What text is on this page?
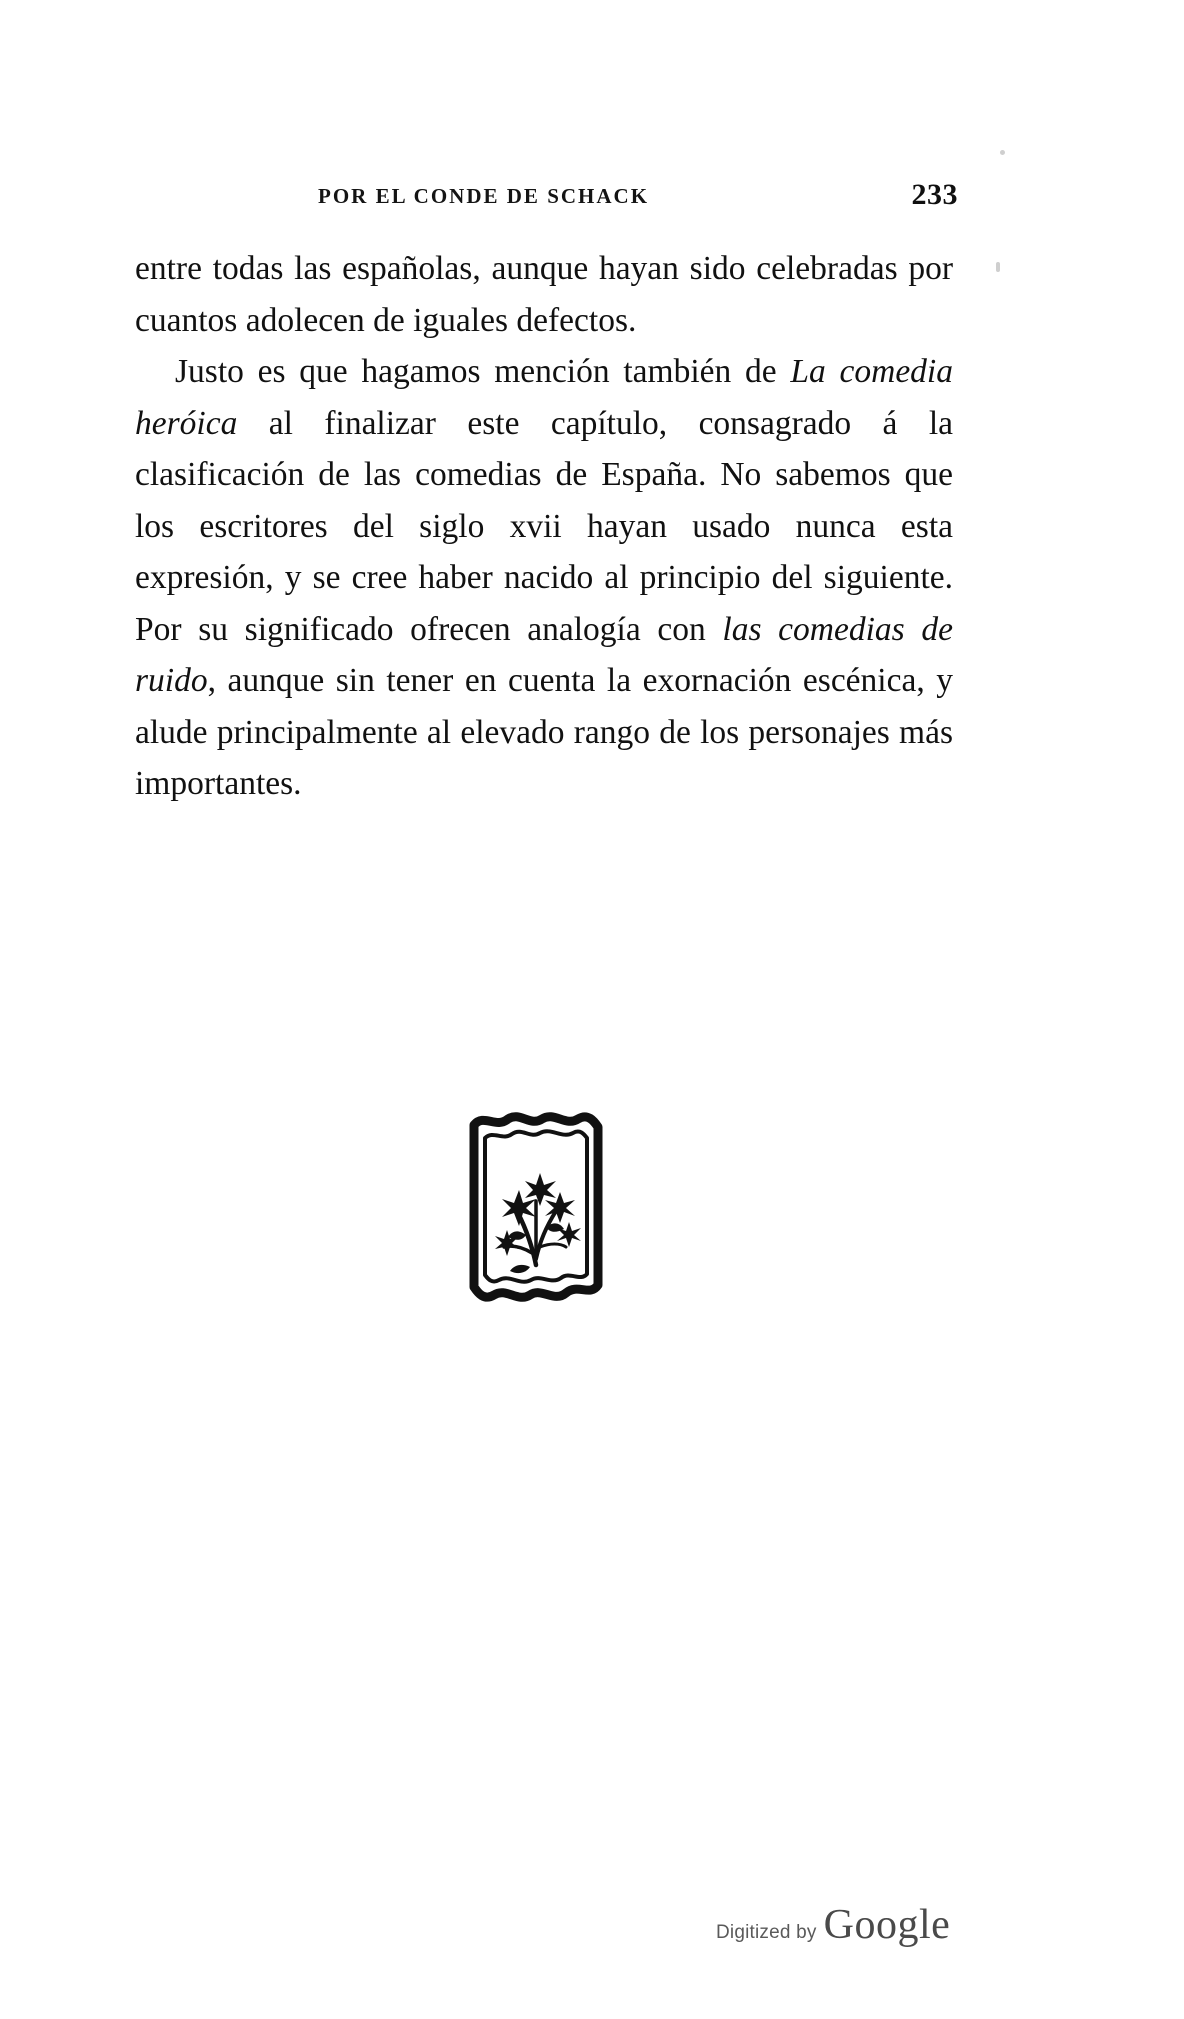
POR EL CONDE DE SCHACK	233

entre todas las españolas, aunque hayan sido celebradas por cuantos adolecen de iguales defectos.

Justo es que hagamos mención también de La comedia heróica al finalizar este capítulo, consagrado á la clasificación de las comedias de España. No sabemos que los escritores del siglo xvii hayan usado nunca esta expresión, y se cree haber nacido al principio del siguiente. Por su significado ofrecen analogía con las comedias de ruido, aunque sin tener en cuenta la exornación escénica, y alude principalmente al elevado rango de los personajes más importantes.

Digitized by Google
